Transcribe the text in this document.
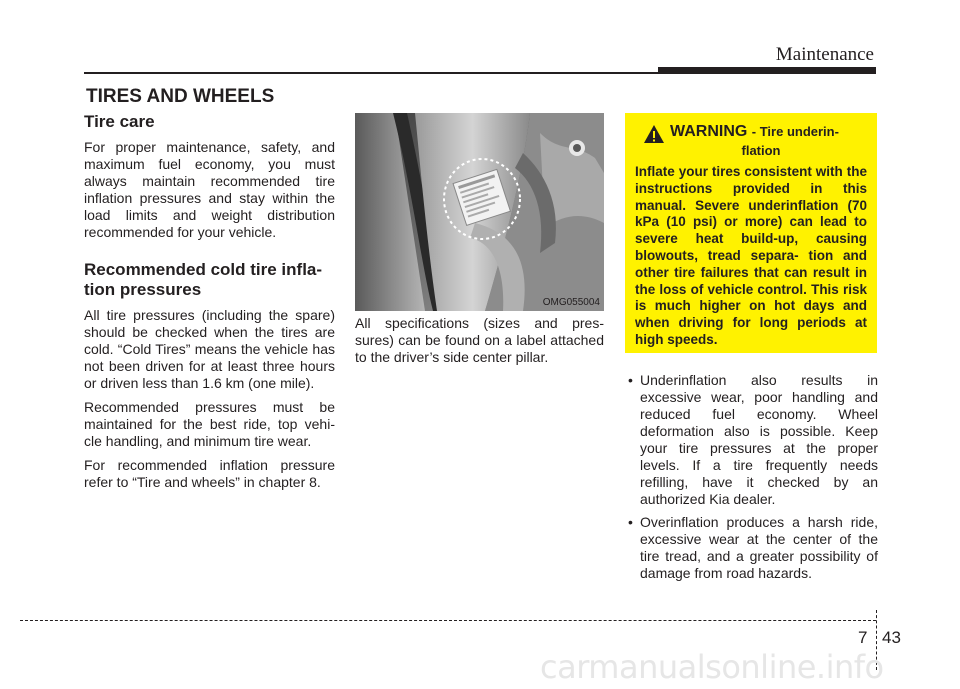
Maintenance
TIRES AND WHEELS
Tire care

For proper maintenance, safety, and maximum fuel economy, you must always maintain recommended tire inflation pressures and stay within the load limits and weight distribution recommended for your vehicle.

Recommended cold tire infla- tion pressures

All tire pressures (including the spare) should be checked when the tires are cold. “Cold Tires” means the vehicle has not been driven for at least three hours or driven less than 1.6 km (one mile).

Recommended pressures must be maintained for the best ride, top vehi- cle handling, and minimum tire wear.

For recommended inflation pressure refer to “Tire and wheels” in chapter 8.

OMG055004

All specifications (sizes and pres- sures) can be found on a label attached to the driver’s side center pillar.

WARNING - Tire underin-
flation

Inflate your tires consistent with the instructions provided in this manual. Severe underinflation (70 kPa (10 psi) or more) can lead to severe heat build-up, causing blowouts, tread separa- tion and other tire failures that can result in the loss of vehicle control. This risk is much higher on hot days and when driving for long periods at high speeds.

• Underinflation also results in excessive wear, poor handling and reduced fuel economy. Wheel deformation also is possible. Keep your tire pressures at the proper levels. If a tire frequently needs refilling, have it checked by an authorized Kia dealer.
• Overinflation produces a harsh ride, excessive wear at the center of the tire tread, and a greater possibility of damage from road hazards.
7 43
carmanualsonline.info
